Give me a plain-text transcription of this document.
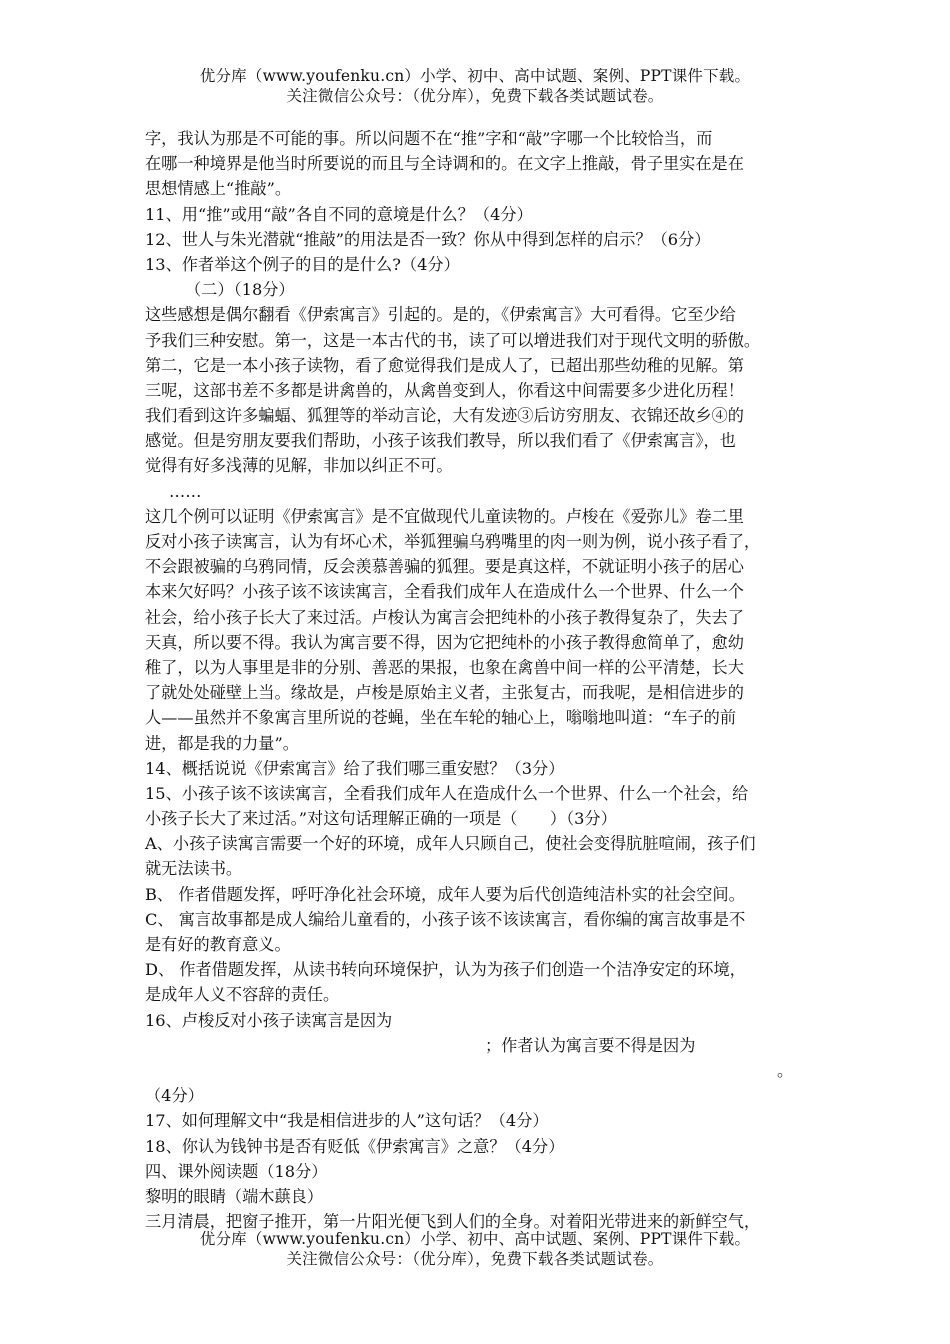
优分库（www.youfenku.cn）小学、初中、高中试题、案例、PPT课件下载。
关注微信公众号：（优分库），免费下载各类试题试卷。
字，我认为那是不可能的事。所以问题不在“推”字和“敲”字哪一个比较恰当，而
在哪一种境界是他当时所要说的而且与全诗调和的。在文字上推敲，骨子里实在是在
思想情感上“推敲”。
11、用“推”或用“敲”各自不同的意境是什么？（4分）
12、世人与朱光潜就“推敲”的用法是否一致？你从中得到怎样的启示？（6分）
13、作者举这个例子的目的是什么?（4分）
（二）（18分）
这些感想是偶尔翻看《伊索寓言》引起的。是的，《伊索寓言》大可看得。它至少给
予我们三种安慰。第一，这是一本古代的书，读了可以增进我们对于现代文明的骄傲。
第二，它是一本小孩子读物，看了愈觉得我们是成人了，已超出那些幼稚的见解。第
三呢，这部书差不多都是讲禽兽的，从禽兽变到人，你看这中间需要多少进化历程！
我们看到这许多蝙蝠、狐狸等的举动言论，大有发迹③后访穷朋友、衣锦还故乡④的
感觉。但是穷朋友要我们帮助，小孩子该我们教导，所以我们看了《伊索寓言》，也
觉得有好多浅薄的见解，非加以纠正不可。
……
这几个例可以证明《伊索寓言》是不宜做现代儿童读物的。卢梭在《爱弥儿》卷二里
反对小孩子读寓言，认为有坏心术，举狐狸骗乌鸦嘴里的肉一则为例，说小孩子看了，
不会跟被骗的乌鸦同情，反会羡慕善骗的狐狸。要是真这样，不就证明小孩子的居心
本来欠好吗？小孩子该不该读寓言，全看我们成年人在造成什么一个世界、什么一个
社会，给小孩子长大了来过活。卢梭认为寓言会把纯朴的小孩子教得复杂了，失去了
天真，所以要不得。我认为寓言要不得，因为它把纯朴的小孩子教得愈简单了，愈幼
稚了，以为人事里是非的分别、善恶的果报，也象在禽兽中间一样的公平清楚，长大
了就处处碰壁上当。缘故是，卢梭是原始主义者，主张复古，而我呢，是相信进步的
人——虽然并不象寓言里所说的苍蝇，坐在车轮的轴心上，嗡嗡地叫道：“车子的前
进，都是我的力量”。
14、概括说说《伊索寓言》给了我们哪三重安慰？（3分）
15、小孩子该不该读寓言，全看我们成年人在造成什么一个世界、什么一个社会，给
小孩子长大了来过活。”对这句话理解正确的一项是（　　）（3分）
A、小孩子读寓言需要一个好的环境，成年人只顾自己，使社会变得肮脏喧闹，孩子们
就无法读书。
B、 作者借题发挥，呼吁净化社会环境，成年人要为后代创造纯洁朴实的社会空间。
C、 寓言故事都是成人编给儿童看的，小孩子该不该读寓言，看你编的寓言故事是不
是有好的教育意义。
D、 作者借题发挥，从读书转向环境保护，认为为孩子们创造一个洁净安定的环境，
是成年人义不容辞的责任。
16、卢梭反对小孩子读寓言是因为
；作者认为寓言要不得是因为
。
（4分）
17、如何理解文中“我是相信进步的人”这句话？（4分）
18、你认为钱钟书是否有贬低《伊索寓言》之意？（4分）
四、课外阅读题（18分）
黎明的眼睛（端木蕻良）
三月清晨，把窗子推开，第一片阳光便飞到人们的全身。对着阳光带进来的新鲜空气，
优分库（www.youfenku.cn）小学、初中、高中试题、案例、PPT课件下载。
关注微信公众号：（优分库），免费下载各类试题试卷。
